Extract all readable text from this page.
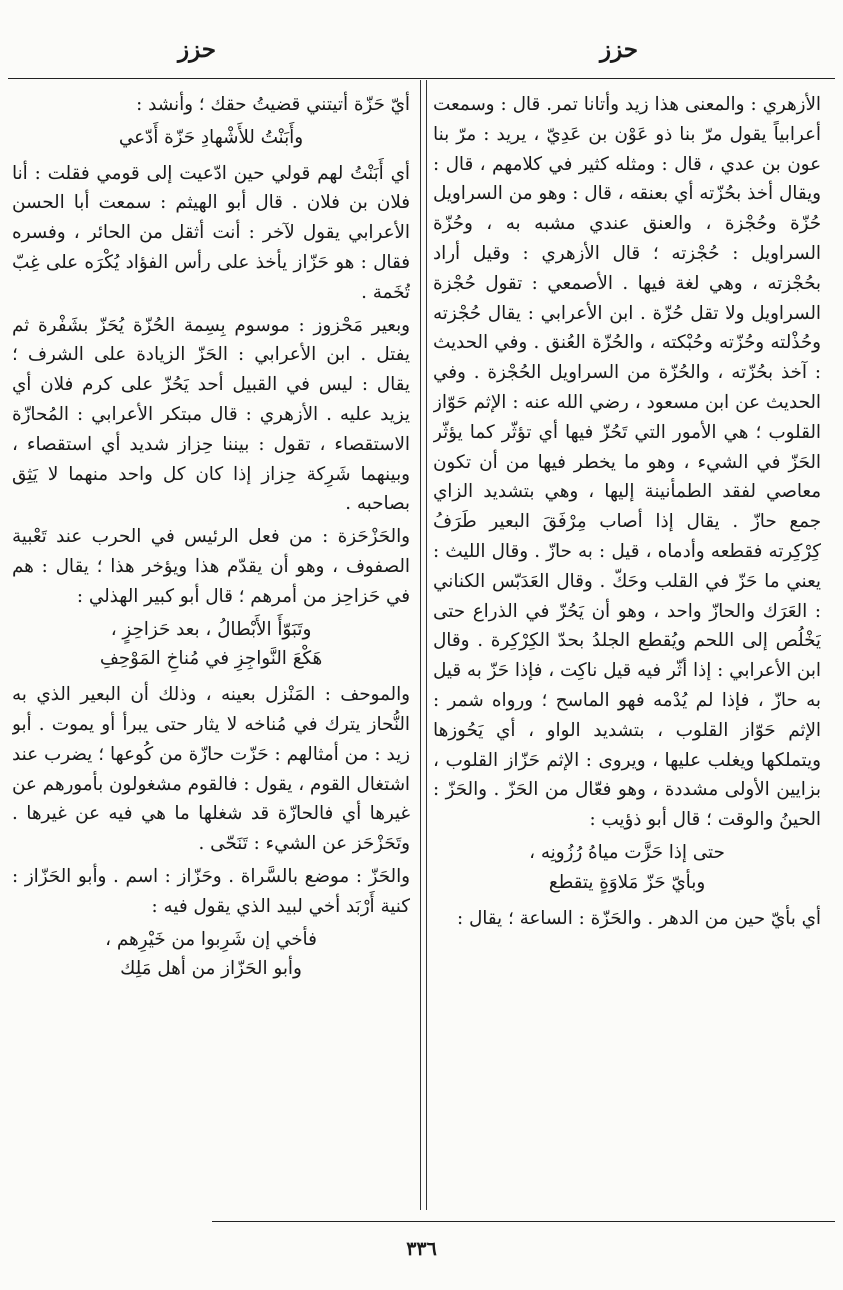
حزز
حزز

الأزهري : والمعنى هذا زيد وأتانا تمر. قال : وسمعت أعرابياً يقول مرّ بنا ذو عَوْن بن عَدِيّ ، يريد : مرّ بنا عون بن عدي ، قال : ومثله كثير في كلامهم ، قال : ويقال أخذ بحُزّته أي بعنقه ، قال : وهو من السراويل حُزّة وحُجْزة ، والعنق عندي مشبه به ، وحُزّة السراويل : حُجْزته ؛ قال الأزهري : وقيل أراد بحُجْزته ، وهي لغة فيها . الأصمعي : تقول حُجْزة السراويل ولا تقل حُزّة . ابن الأعرابي : يقال حُجْزته وحُذْلته وحُزّته وحُبْكته ، والحُزّة العُنق . وفي الحديث : آخذ بحُزّته ، والحُزّة من السراويل الحُجْزة . وفي الحديث عن ابن مسعود ، رضي الله عنه : الإثم حَوّاز القلوب ؛ هي الأمور التي تَحُزّ فيها أي تؤثّر كما يؤثّر الحَزّ في الشيء ، وهو ما يخطر فيها من أن تكون معاصي لفقد الطمأنينة إليها ، وهي بتشديد الزاي جمع حازّ . يقال إذا أصاب مِرْفَقَ البعير طَرَفُ كِرْكِرته فقطعه وأدماه ، قيل : به حازّ . وقال الليث : يعني ما حَزّ في القلب وحَكّ . وقال العَدَبّس الكناني : العَرَك والحازّ واحد ، وهو أن يَحُزّ في الذراع حتى يَخْلُص إلى اللحم ويُقطع الجلدُ بحدّ الكِرْكِرة . وقال ابن الأعرابي : إذا أثّر فيه قيل ناكِت ، فإذا حَزّ به قيل به حازّ ، فإذا لم يُدْمه فهو الماسح ؛ ورواه شمر : الإثم حَوّاز القلوب ، بتشديد الواو ، أي يَحُوزها ويتملكها ويغلب عليها ، ويروى : الإثم حَزّاز القلوب ، بزايين الأولى مشددة ، وهو فعّال من الحَزّ . والحَزّ : الحينُ والوقت ؛ قال أبو ذؤيب :

حتى إذا حَزَّت مياهُ رُزُونِه ،
وبأيّ حَزّ مَلاوَةٍ يتقطع

أي بأيّ حين من الدهر . والحَزّة : الساعة ؛ يقال :

أيّ حَزّة أتيتني قضيتُ حقك ؛ وأنشد :

وأَبَنْتُ للأَشْهادِ حَزّة أَدّعي

أي أَبَنْتُ لهم قولي حين ادّعيت إلى قومي فقلت : أنا فلان بن فلان . قال أبو الهيثم : سمعت أبا الحسن الأعرابي يقول لآخر : أنت أثقل من الحائر ، وفسره فقال : هو حَزّاز يأخذ على رأس الفؤاد يُكْرَه على غِبّ تُخَمة .

وبعير مَحْزوز : موسوم بِسِمة الحُزّة يُحَزّ بشَفْرة ثم يفتل . ابن الأعرابي : الحَزّ الزيادة على الشرف ؛ يقال : ليس في القبيل أحد يَحُزّ على كرم فلان أي يزيد عليه . الأزهري : قال مبتكر الأعرابي : المُحازّة الاستقصاء ، تقول : بيننا حِزاز شديد أي استقصاء ، وبينهما شَرِكة حِزاز إذا كان كل واحد منهما لا يَثِق بصاحبه .

والحَزْحَزة : من فعل الرئيس في الحرب عند تَعْبية الصفوف ، وهو أن يقدّم هذا ويؤخر هذا ؛ يقال : هم في حَزاحِز من أمرهم ؛ قال أبو كبير الهذلي :

وتَبَوّأَ الأَبْطالُ ، بعد حَزاحِزٍ ،
هَكْعَ النَّواجِزِ في مُناخِ المَوْحِفِ

والموحف : المَنْزل بعينه ، وذلك أن البعير الذي به النُّحاز يترك في مُناخه لا يثار حتى يبرأ أو يموت . أبو زيد : من أمثالهم : حَزّت حازّة من كُوعها ؛ يضرب عند اشتغال القوم ، يقول : فالقوم مشغولون بأمورهم عن غيرها أي فالحازّة قد شغلها ما هي فيه عن غيرها . وتَحَزْحَز عن الشيء : تَنَحّى .

والحَزّ : موضع بالسَّراة . وحَزّاز : اسم . وأبو الحَزّاز : كنية أَرْبَد أخي لبيد الذي يقول فيه :

فأخي إن شَرِبوا من خَيْرِهم ،
وأبو الحَزّاز من أهل مَلِك

٣٣٦
